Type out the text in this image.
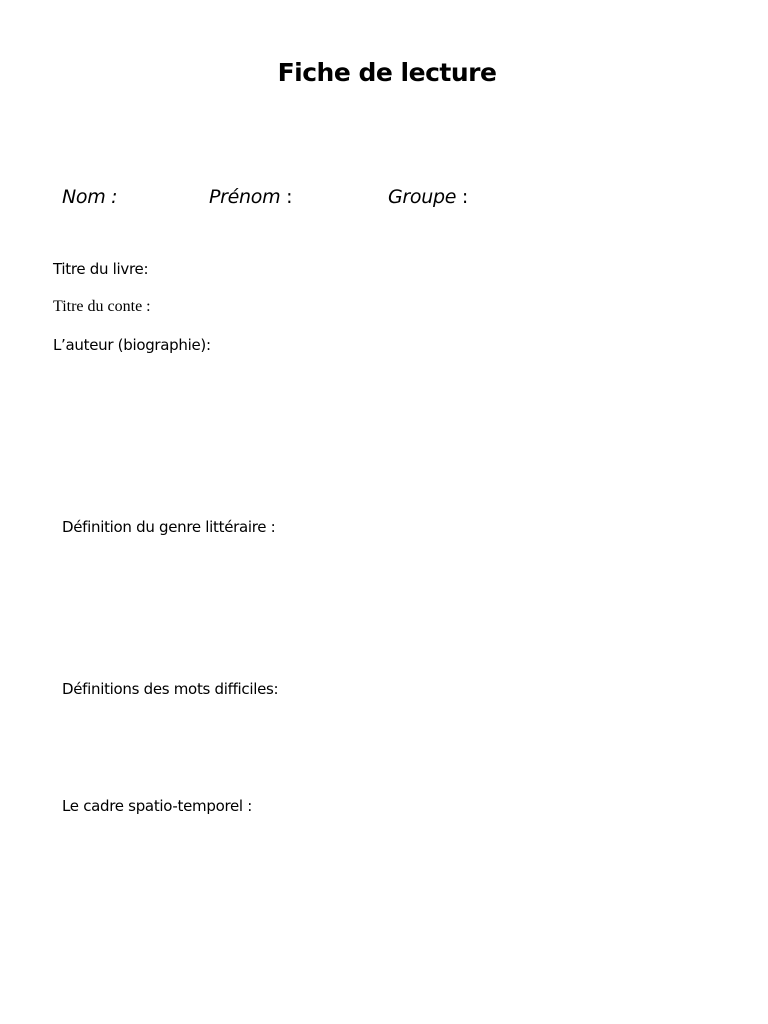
Fiche de lecture
Nom :	Prénom :	Groupe :
Titre du livre:
Titre du conte :
L’auteur (biographie):
Définition du genre littéraire :
Définitions des mots difficiles:
Le cadre spatio-temporel :
